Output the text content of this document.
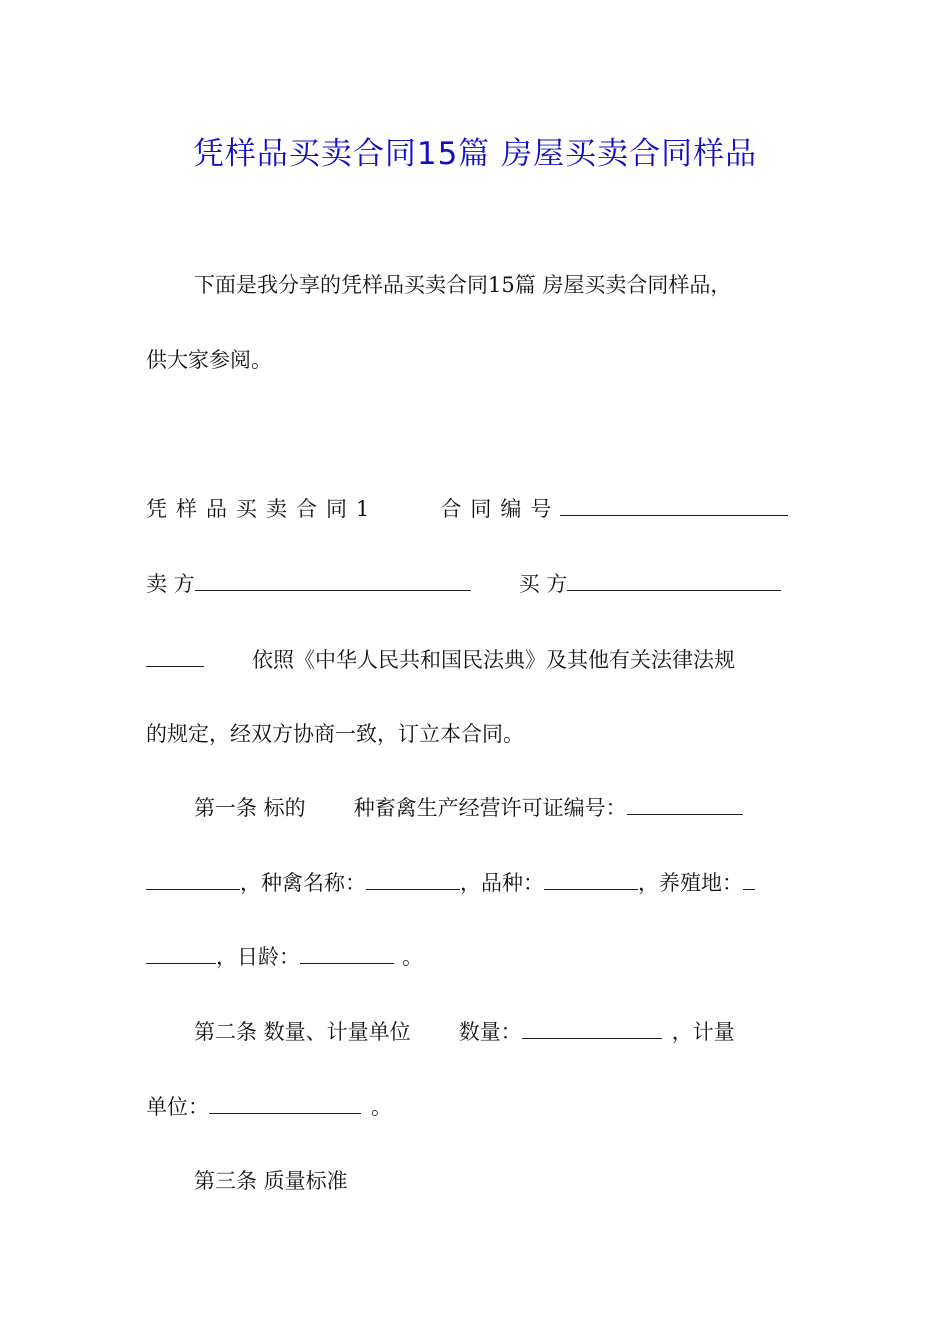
凭样品买卖合同15篇 房屋买卖合同样品
下面是我分享的凭样品买卖合同15篇 房屋买卖合同样品，
供大家参阅。
凭样品买卖合同1	合同编号
卖 方	买 方
依照《中华人民共和国民法典》及其他有关法律法规
的规定，经双方协商一致，订立本合同。
第一条 标的 种畜禽生产经营许可证编号：
，种禽名称：	，品种：	，养殖地：
，日龄：	。
第二条 数量、计量单位 数量：	，计量
单位：	。
第三条 质量标准
